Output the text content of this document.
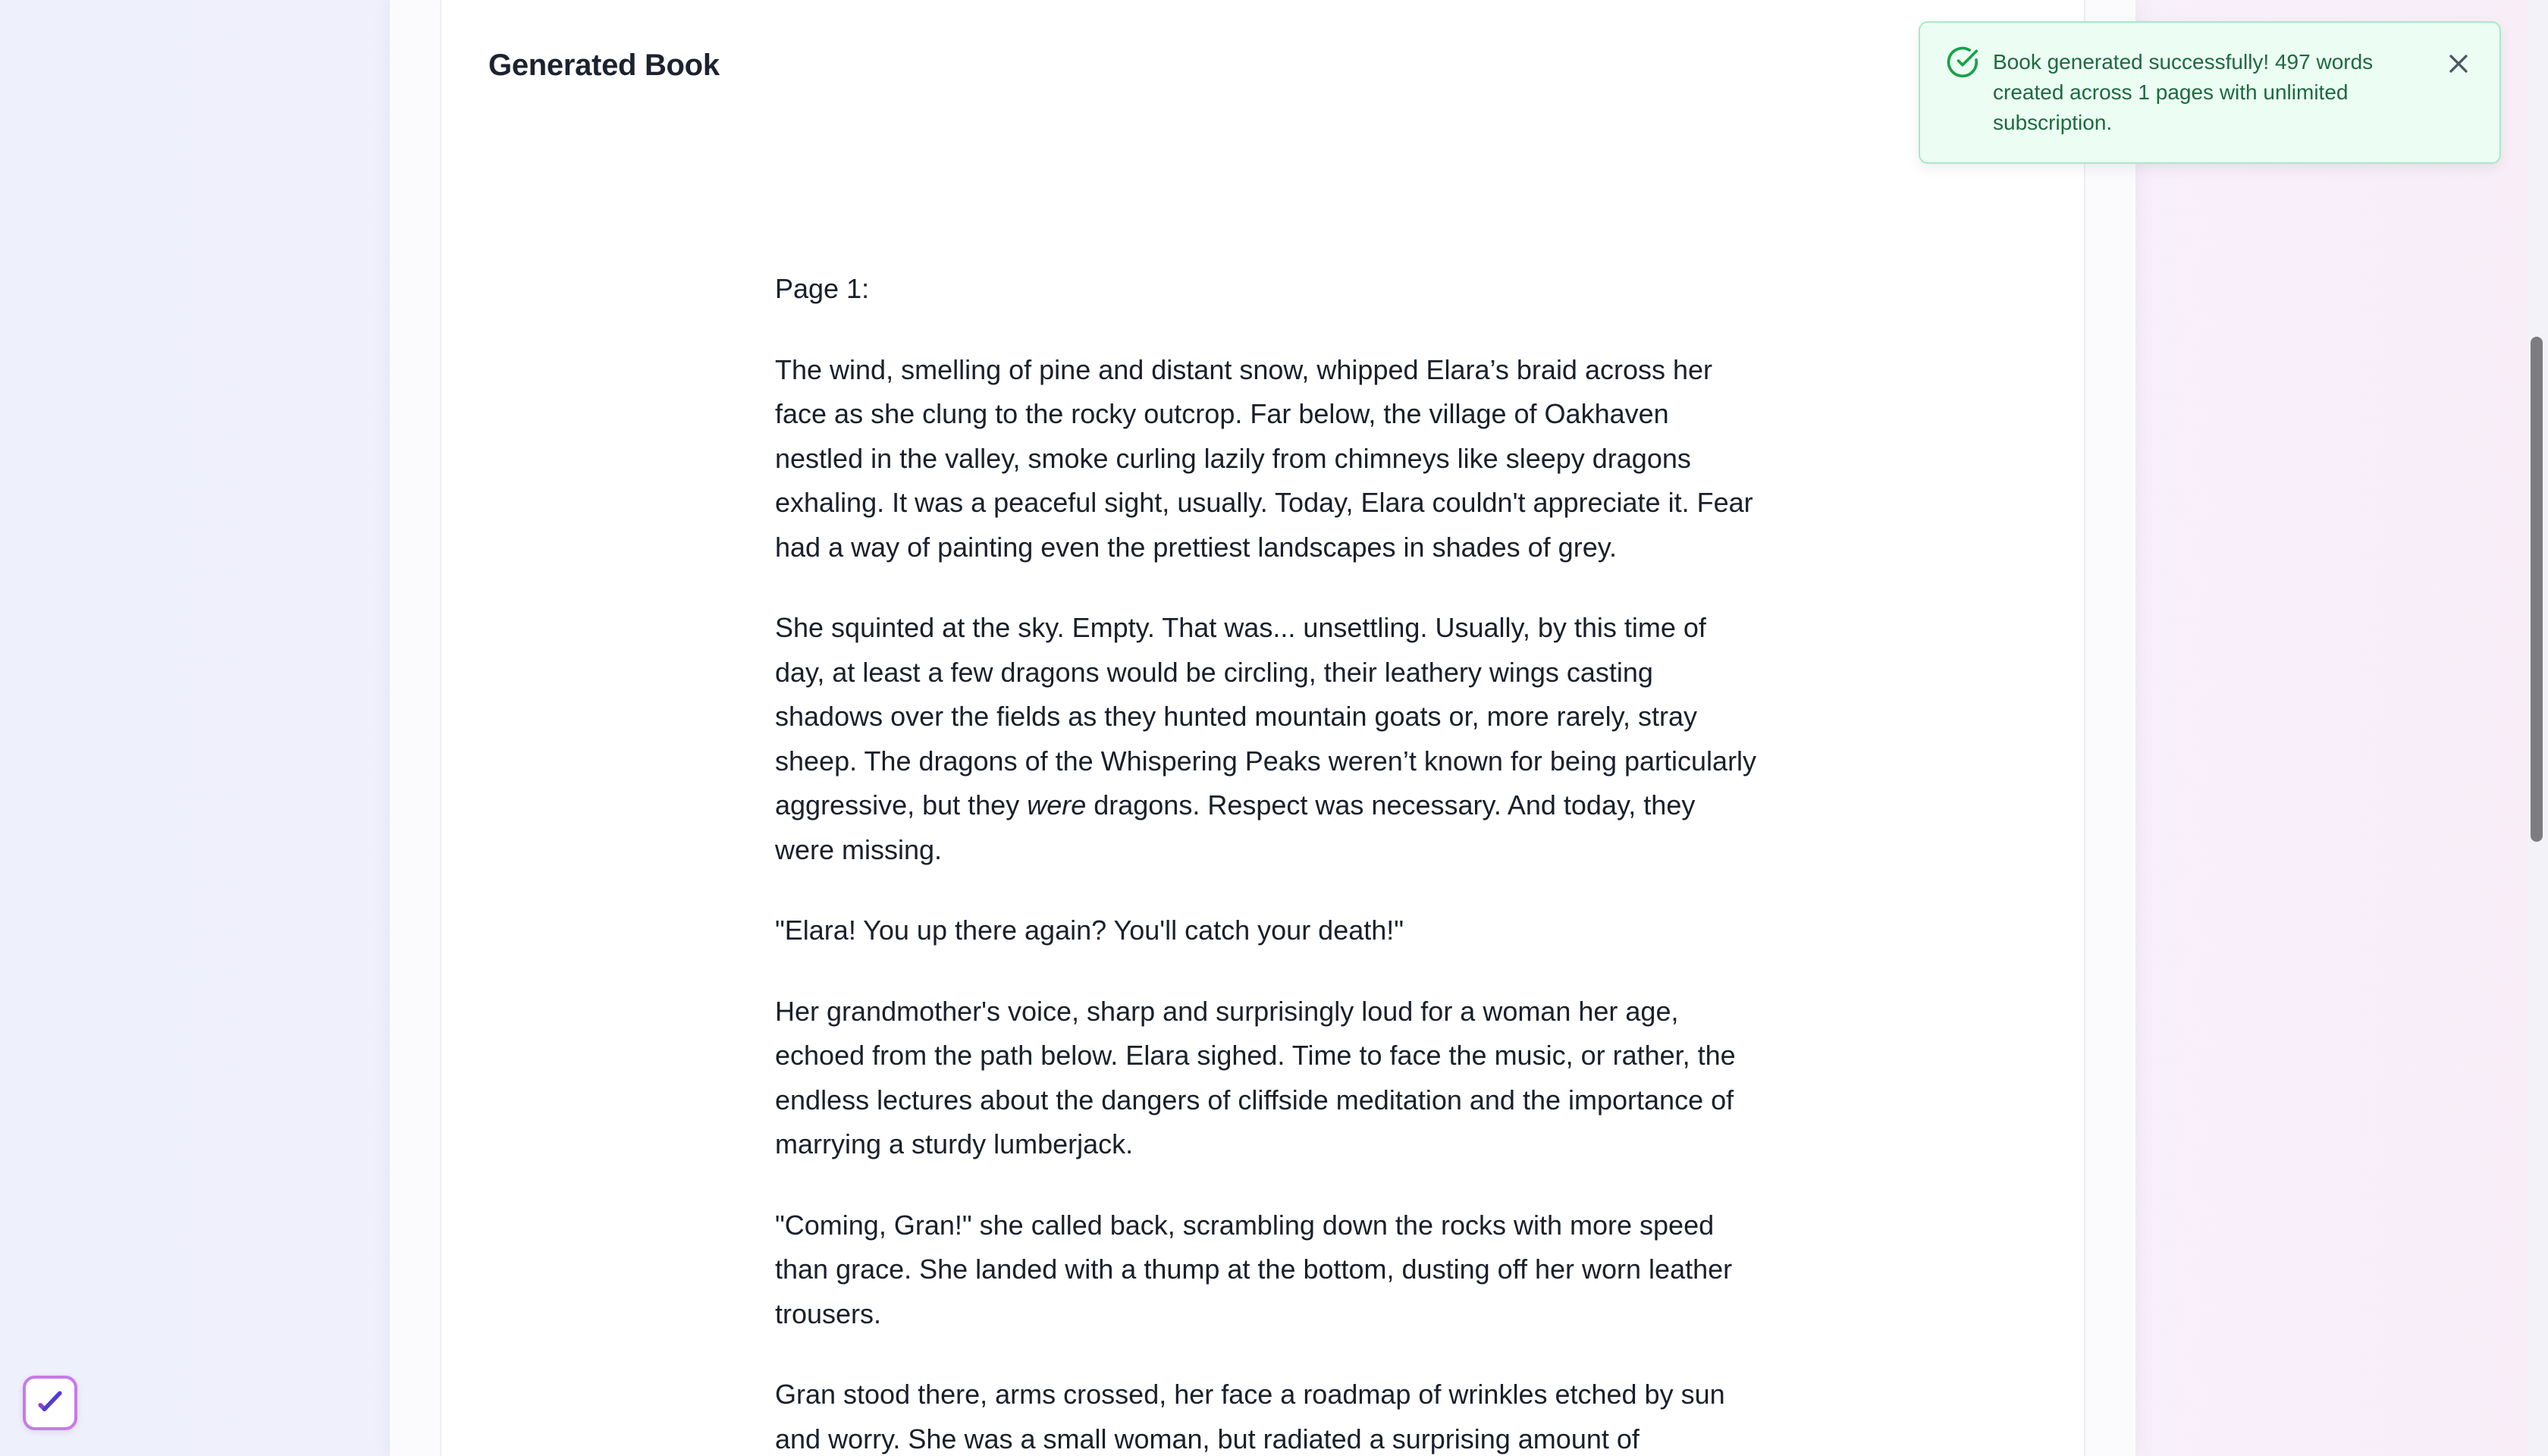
Generated Book

Page 1:

The wind, smelling of pine and distant snow, whipped Elara’s braid across her face as she clung to the rocky outcrop. Far below, the village of Oakhaven nestled in the valley, smoke curling lazily from chimneys like sleepy dragons exhaling. It was a peaceful sight, usually. Today, Elara couldn't appreciate it. Fear had a way of painting even the prettiest landscapes in shades of grey.

She squinted at the sky. Empty. That was... unsettling. Usually, by this time of day, at least a few dragons would be circling, their leathery wings casting shadows over the fields as they hunted mountain goats or, more rarely, stray sheep. The dragons of the Whispering Peaks weren’t known for being particularly aggressive, but they were dragons. Respect was necessary. And today, they were missing.

"Elara! You up there again? You'll catch your death!"

Her grandmother's voice, sharp and surprisingly loud for a woman her age, echoed from the path below. Elara sighed. Time to face the music, or rather, the endless lectures about the dangers of cliffside meditation and the importance of marrying a sturdy lumberjack.

"Coming, Gran!" she called back, scrambling down the rocks with more speed than grace. She landed with a thump at the bottom, dusting off her worn leather trousers.

Gran stood there, arms crossed, her face a roadmap of wrinkles etched by sun and worry. She was a small woman, but radiated a surprising amount of

Book generated successfully! 497 words created across 1 pages with unlimited subscription.
